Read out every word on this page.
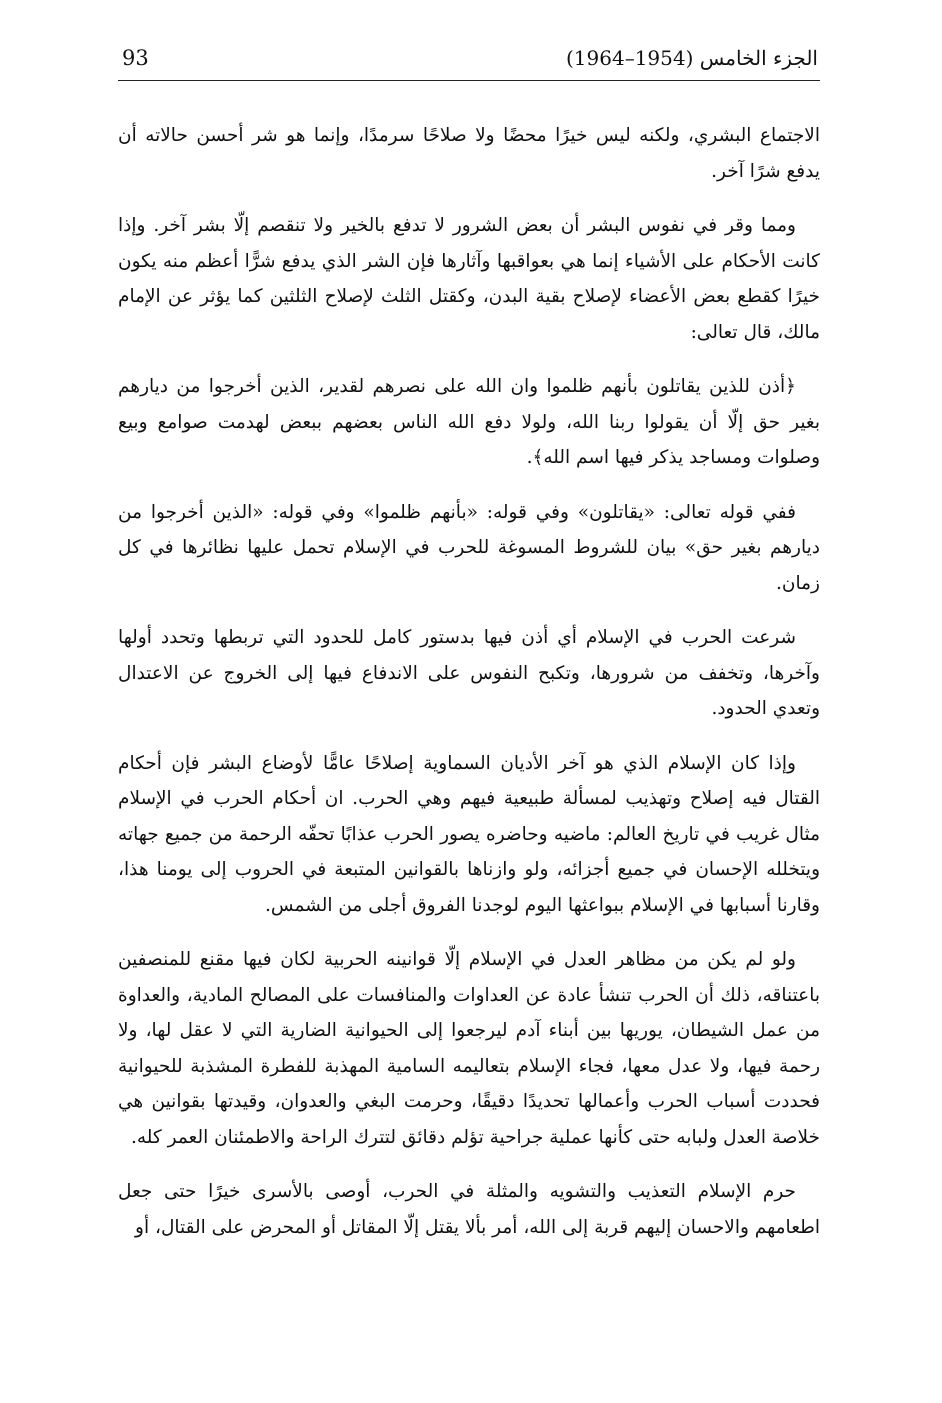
93	الجزء الخامس (1954–1964)

الاجتماع البشري، ولكنه ليس خيرًا محضًا ولا صلاحًا سرمدًا، وإنما هو شر أحسن حالاته أن يدفع شرًا آخر.

ومما وقر في نفوس البشر أن بعض الشرور لا تدفع بالخير ولا تنقصم إلّا بشر آخر. وإذا كانت الأحكام على الأشياء إنما هي بعواقبها وآثارها فإن الشر الذي يدفع شرًّا أعظم منه يكون خيرًا كقطع بعض الأعضاء لإصلاح بقية البدن، وكقتل الثلث لإصلاح الثلثين كما يؤثر عن الإمام مالك، قال تعالى:

﴿أذن للذين يقاتلون بأنهم ظلموا وان الله على نصرهم لقدير، الذين أخرجوا من ديارهم بغير حق إلّا أن يقولوا ربنا الله، ولولا دفع الله الناس بعضهم ببعض لهدمت صوامع وبيع وصلوات ومساجد يذكر فيها اسم الله﴾.

ففي قوله تعالى: «يقاتلون» وفي قوله: «بأنهم ظلموا» وفي قوله: «الذين أخرجوا من ديارهم بغير حق» بيان للشروط المسوغة للحرب في الإسلام تحمل عليها نظائرها في كل زمان.

شرعت الحرب في الإسلام أي أذن فيها بدستور كامل للحدود التي تربطها وتحدد أولها وآخرها، وتخفف من شرورها، وتكبح النفوس على الاندفاع فيها إلى الخروج عن الاعتدال وتعدي الحدود.

وإذا كان الإسلام الذي هو آخر الأديان السماوية إصلاحًا عامًّا لأوضاع البشر فإن أحكام القتال فيه إصلاح وتهذيب لمسألة طبيعية فيهم وهي الحرب. ان أحكام الحرب في الإسلام مثال غريب في تاريخ العالم: ماضيه وحاضره يصور الحرب عذابًا تحفّه الرحمة من جميع جهاته ويتخلله الإحسان في جميع أجزائه، ولو وازناها بالقوانين المتبعة في الحروب إلى يومنا هذا، وقارنا أسبابها في الإسلام ببواعثها اليوم لوجدنا الفروق أجلى من الشمس.

ولو لم يكن من مظاهر العدل في الإسلام إلّا قوانينه الحربية لكان فيها مقنع للمنصفين باعتناقه، ذلك أن الحرب تنشأ عادة عن العداوات والمنافسات على المصالح المادية، والعداوة من عمل الشيطان، يوريها بين أبناء آدم ليرجعوا إلى الحيوانية الضارية التي لا عقل لها، ولا رحمة فيها، ولا عدل معها، فجاء الإسلام بتعاليمه السامية المهذبة للفطرة المشذبة للحيوانية فحددت أسباب الحرب وأعمالها تحديدًا دقيقًا، وحرمت البغي والعدوان، وقيدتها بقوانين هي خلاصة العدل ولبابه حتى كأنها عملية جراحية تؤلم دقائق لتترك الراحة والاطمئنان العمر كله.

حرم الإسلام التعذيب والتشويه والمثلة في الحرب، أوصى بالأسرى خيرًا حتى جعل اطعامهم والاحسان إليهم قربة إلى الله، أمر بألا يقتل إلّا المقاتل أو المحرض على القتال، أو
